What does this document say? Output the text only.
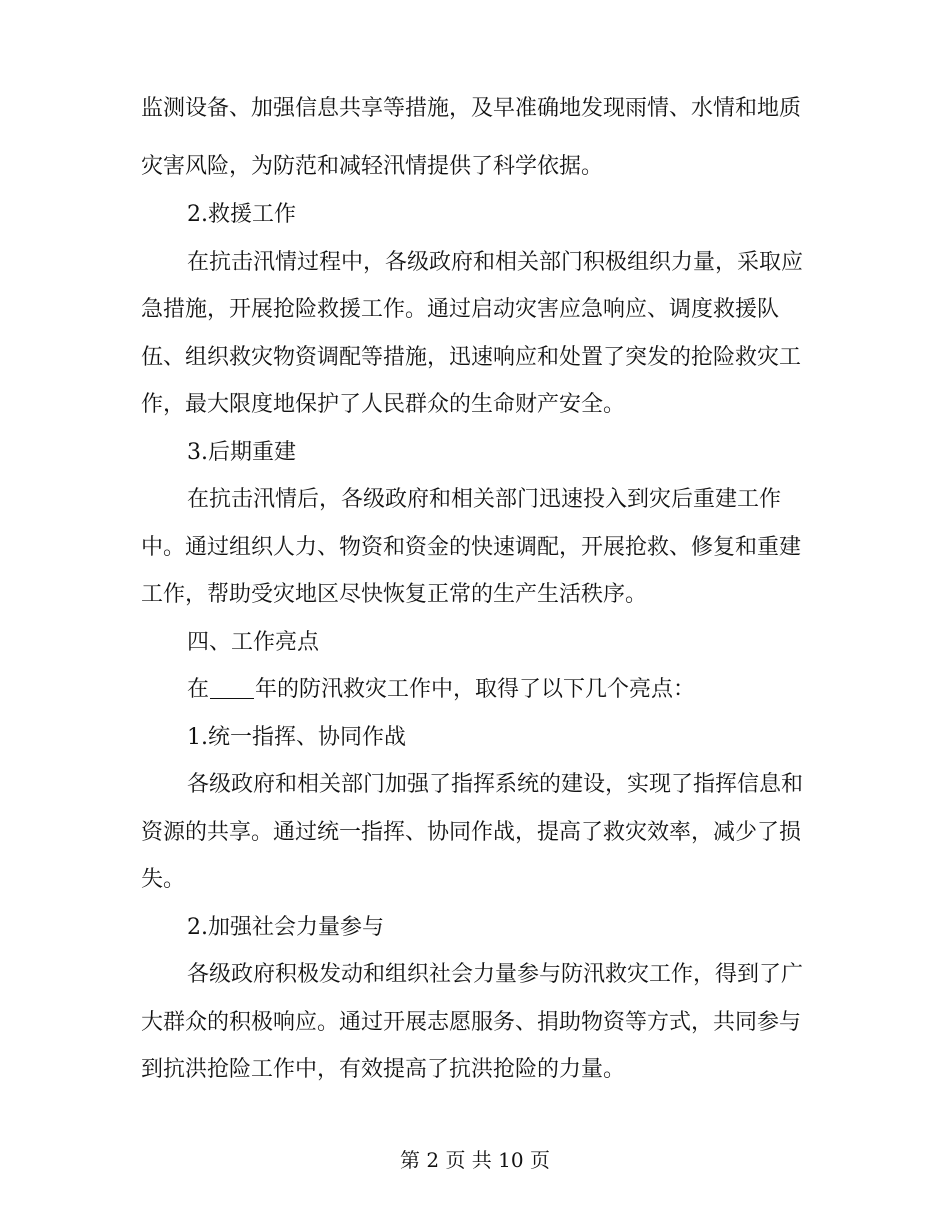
监测设备、加强信息共享等措施，及早准确地发现雨情、水情和地质
灾害风险，为防范和减轻汛情提供了科学依据。
2.救援工作
在抗击汛情过程中，各级政府和相关部门积极组织力量，采取应
急措施，开展抢险救援工作。通过启动灾害应急响应、调度救援队
伍、组织救灾物资调配等措施，迅速响应和处置了突发的抢险救灾工
作，最大限度地保护了人民群众的生命财产安全。
3.后期重建
在抗击汛情后，各级政府和相关部门迅速投入到灾后重建工作
中。通过组织人力、物资和资金的快速调配，开展抢救、修复和重建
工作，帮助受灾地区尽快恢复正常的生产生活秩序。
四、工作亮点
在 年的防汛救灾工作中，取得了以下几个亮点：
1.统一指挥、协同作战
各级政府和相关部门加强了指挥系统的建设，实现了指挥信息和
资源的共享。通过统一指挥、协同作战，提高了救灾效率，减少了损
失。
2.加强社会力量参与
各级政府积极发动和组织社会力量参与防汛救灾工作，得到了广
大群众的积极响应。通过开展志愿服务、捐助物资等方式，共同参与
到抗洪抢险工作中，有效提高了抗洪抢险的力量。
第 2 页 共 10 页
